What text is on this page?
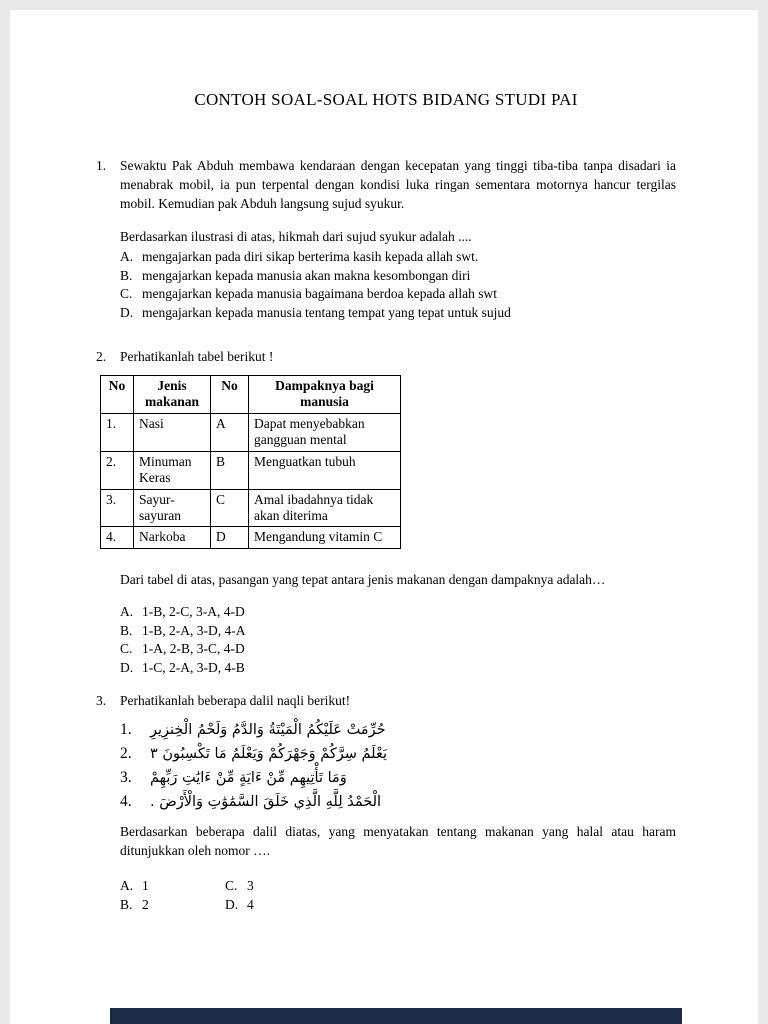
CONTOH SOAL-SOAL HOTS BIDANG STUDI PAI
1.	Sewaktu Pak Abduh membawa kendaraan dengan kecepatan yang tinggi tiba-tiba tanpa disadari ia menabrak mobil, ia pun terpental dengan kondisi luka ringan sementara motornya hancur tergilas mobil. Kemudian pak Abduh langsung sujud syukur.
Berdasarkan ilustrasi di atas, hikmah dari sujud syukur adalah ....
A. mengajarkan pada diri sikap berterima kasih kepada allah swt.
B. mengajarkan kepada manusia akan makna kesombongan diri
C. mengajarkan kepada manusia bagaimana berdoa kepada allah swt
D. mengajarkan kepada manusia tentang tempat yang tepat untuk sujud
2.	Perhatikanlah tabel berikut !
No	Jenis makanan	No	Dampaknya bagi manusia
1.	Nasi	A	Dapat menyebabkan gangguan mental
2.	Minuman Keras	B	Menguatkan tubuh
3.	Sayur-sayuran	C	Amal ibadahnya tidak akan diterima
4.	Narkoba	D	Mengandung vitamin C
Dari tabel di atas, pasangan yang tepat antara jenis makanan dengan dampaknya adalah…
A. 1-B, 2-C, 3-A, 4-D
B. 1-B, 2-A, 3-D, 4-A
C. 1-A, 2-B, 3-C, 4-D
D. 1-C, 2-A, 3-D, 4-B
3.	Perhatikanlah beberapa dalil naqli berikut!
1.	حُرِّمَتْ عَلَيْكُمُ الْمَيْتَةُ وَالدَّمُ وَلَحْمُ الْخِنزِيرِ
2.	يَعْلَمُ سِرَّكُمْ وَجَهْرَكُمْ وَيَعْلَمُ مَا تَكْسِبُونَ ٣
3.	وَمَا تَأْتِيهِم مِّنْ ءَايَةٍ مِّنْ ءَايَٰتِ رَبِّهِمْ
4.	الْحَمْدُ لِلَّهِ الَّذِي خَلَقَ السَّمَٰوَٰتِ وَالْأَرْضَ .
Berdasarkan beberapa dalil diatas, yang menyatakan tentang makanan yang halal atau haram ditunjukkan oleh nomor ….
A. 1	C. 3
B. 2	D. 4
